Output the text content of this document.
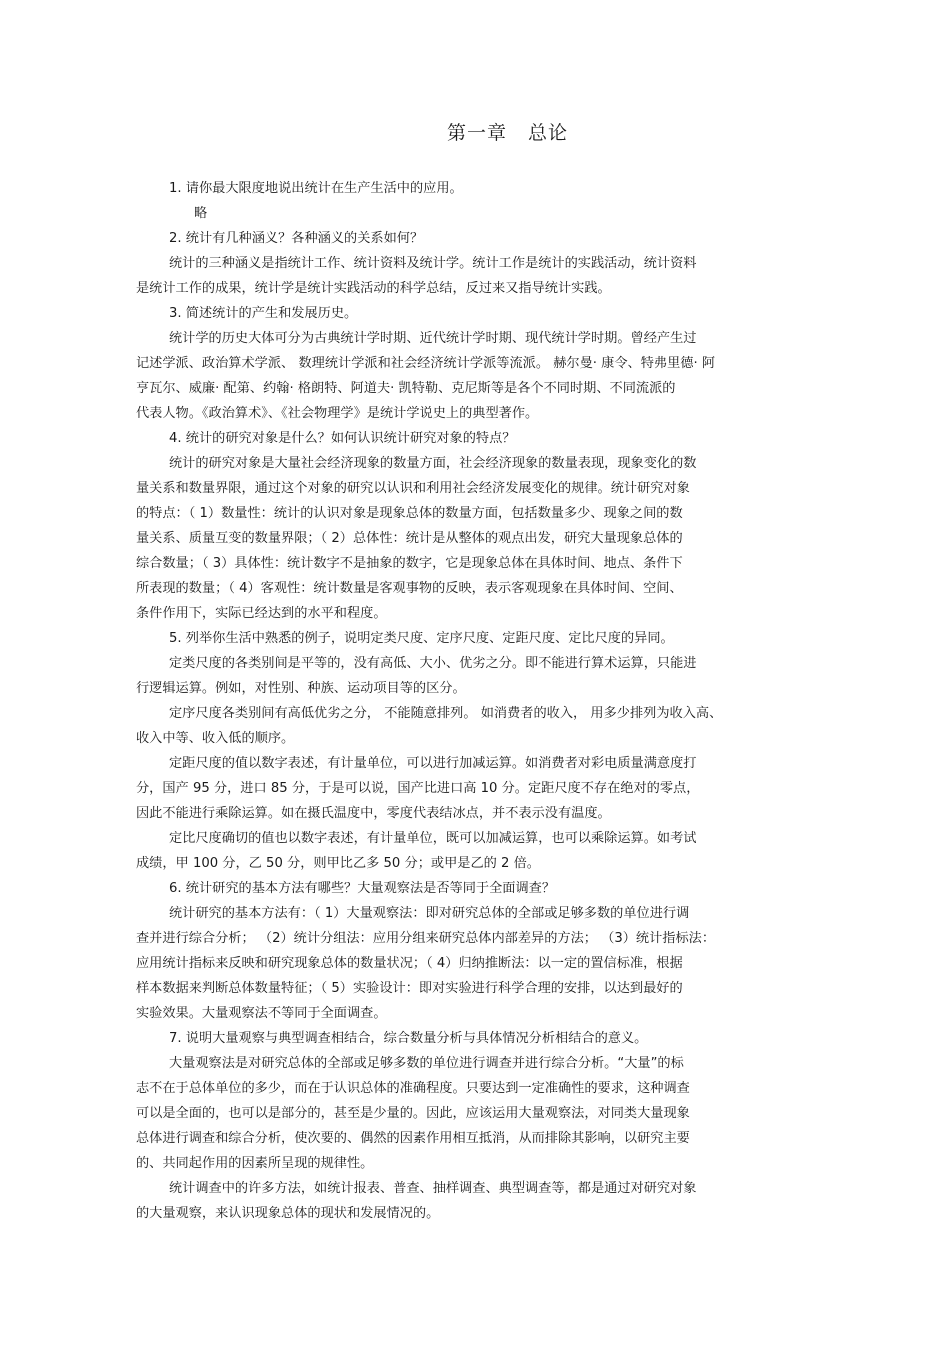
第一章   总论
1. 请你最大限度地说出统计在生产生活中的应用。
略
2. 统计有几种涵义？各种涵义的关系如何？
统计的三种涵义是指统计工作、统计资料及统计学。统计工作是统计的实践活动，统计资料
是统计工作的成果，统计学是统计实践活动的科学总结，反过来又指导统计实践。
3. 简述统计的产生和发展历史。
统计学的历史大体可分为古典统计学时期、近代统计学时期、现代统计学时期。曾经产生过
记述学派、政治算术学派、 数理统计学派和社会经济统计学派等流派。 赫尔曼· 康令、特弗里德· 阿
亨瓦尔、威廉· 配第、约翰· 格朗特、阿道夫· 凯特勒、克尼斯等是各个不同时期、不同流派的
代表人物。《政治算术》、《社会物理学》是统计学说史上的典型著作。
4. 统计的研究对象是什么？如何认识统计研究对象的特点？
统计的研究对象是大量社会经济现象的数量方面，社会经济现象的数量表现，现象变化的数
量关系和数量界限，通过这个对象的研究以认识和利用社会经济发展变化的规律。统计研究对象
的特点：（ 1）数量性：统计的认识对象是现象总体的数量方面，包括数量多少、现象之间的数
量关系、质量互变的数量界限；（ 2）总体性：统计是从整体的观点出发，研究大量现象总体的
综合数量；（ 3）具体性：统计数字不是抽象的数字，它是现象总体在具体时间、地点、条件下
所表现的数量；（ 4）客观性：统计数量是客观事物的反映，表示客观现象在具体时间、空间、
条件作用下，实际已经达到的水平和程度。
5. 列举你生活中熟悉的例子，说明定类尺度、定序尺度、定距尺度、定比尺度的异同。
定类尺度的各类别间是平等的，没有高低、大小、优劣之分。即不能进行算术运算，只能进
行逻辑运算。例如，对性别、种族、运动项目等的区分。
定序尺度各类别间有高低优劣之分， 不能随意排列。 如消费者的收入， 用多少排列为收入高、
收入中等、收入低的顺序。
定距尺度的值以数字表述，有计量单位，可以进行加减运算。如消费者对彩电质量满意度打
分，国产 95 分，进口 85 分，于是可以说，国产比进口高 10 分。定距尺度不存在绝对的零点，
因此不能进行乘除运算。如在摄氏温度中，零度代表结冰点，并不表示没有温度。
定比尺度确切的值也以数字表述，有计量单位，既可以加减运算，也可以乘除运算。如考试
成绩，甲 100 分，乙 50 分，则甲比乙多 50 分；或甲是乙的 2 倍。
6. 统计研究的基本方法有哪些？大量观察法是否等同于全面调查？
统计研究的基本方法有：（ 1）大量观察法：即对研究总体的全部或足够多数的单位进行调
查并进行综合分析； （2）统计分组法：应用分组来研究总体内部差异的方法； （3）统计指标法：
应用统计指标来反映和研究现象总体的数量状况；（ 4）归纳推断法：以一定的置信标准，根据
样本数据来判断总体数量特征；（ 5）实验设计：即对实验进行科学合理的安排，以达到最好的
实验效果。大量观察法不等同于全面调查。
7. 说明大量观察与典型调查相结合，综合数量分析与具体情况分析相结合的意义。
大量观察法是对研究总体的全部或足够多数的单位进行调查并进行综合分析。“大量”的标
志不在于总体单位的多少，而在于认识总体的准确程度。只要达到一定准确性的要求，这种调查
可以是全面的，也可以是部分的，甚至是少量的。因此，应该运用大量观察法，对同类大量现象
总体进行调查和综合分析，使次要的、偶然的因素作用相互抵消，从而排除其影响，以研究主要
的、共同起作用的因素所呈现的规律性。
统计调查中的许多方法，如统计报表、普查、抽样调查、典型调查等，都是通过对研究对象
的大量观察，来认识现象总体的现状和发展情况的。
